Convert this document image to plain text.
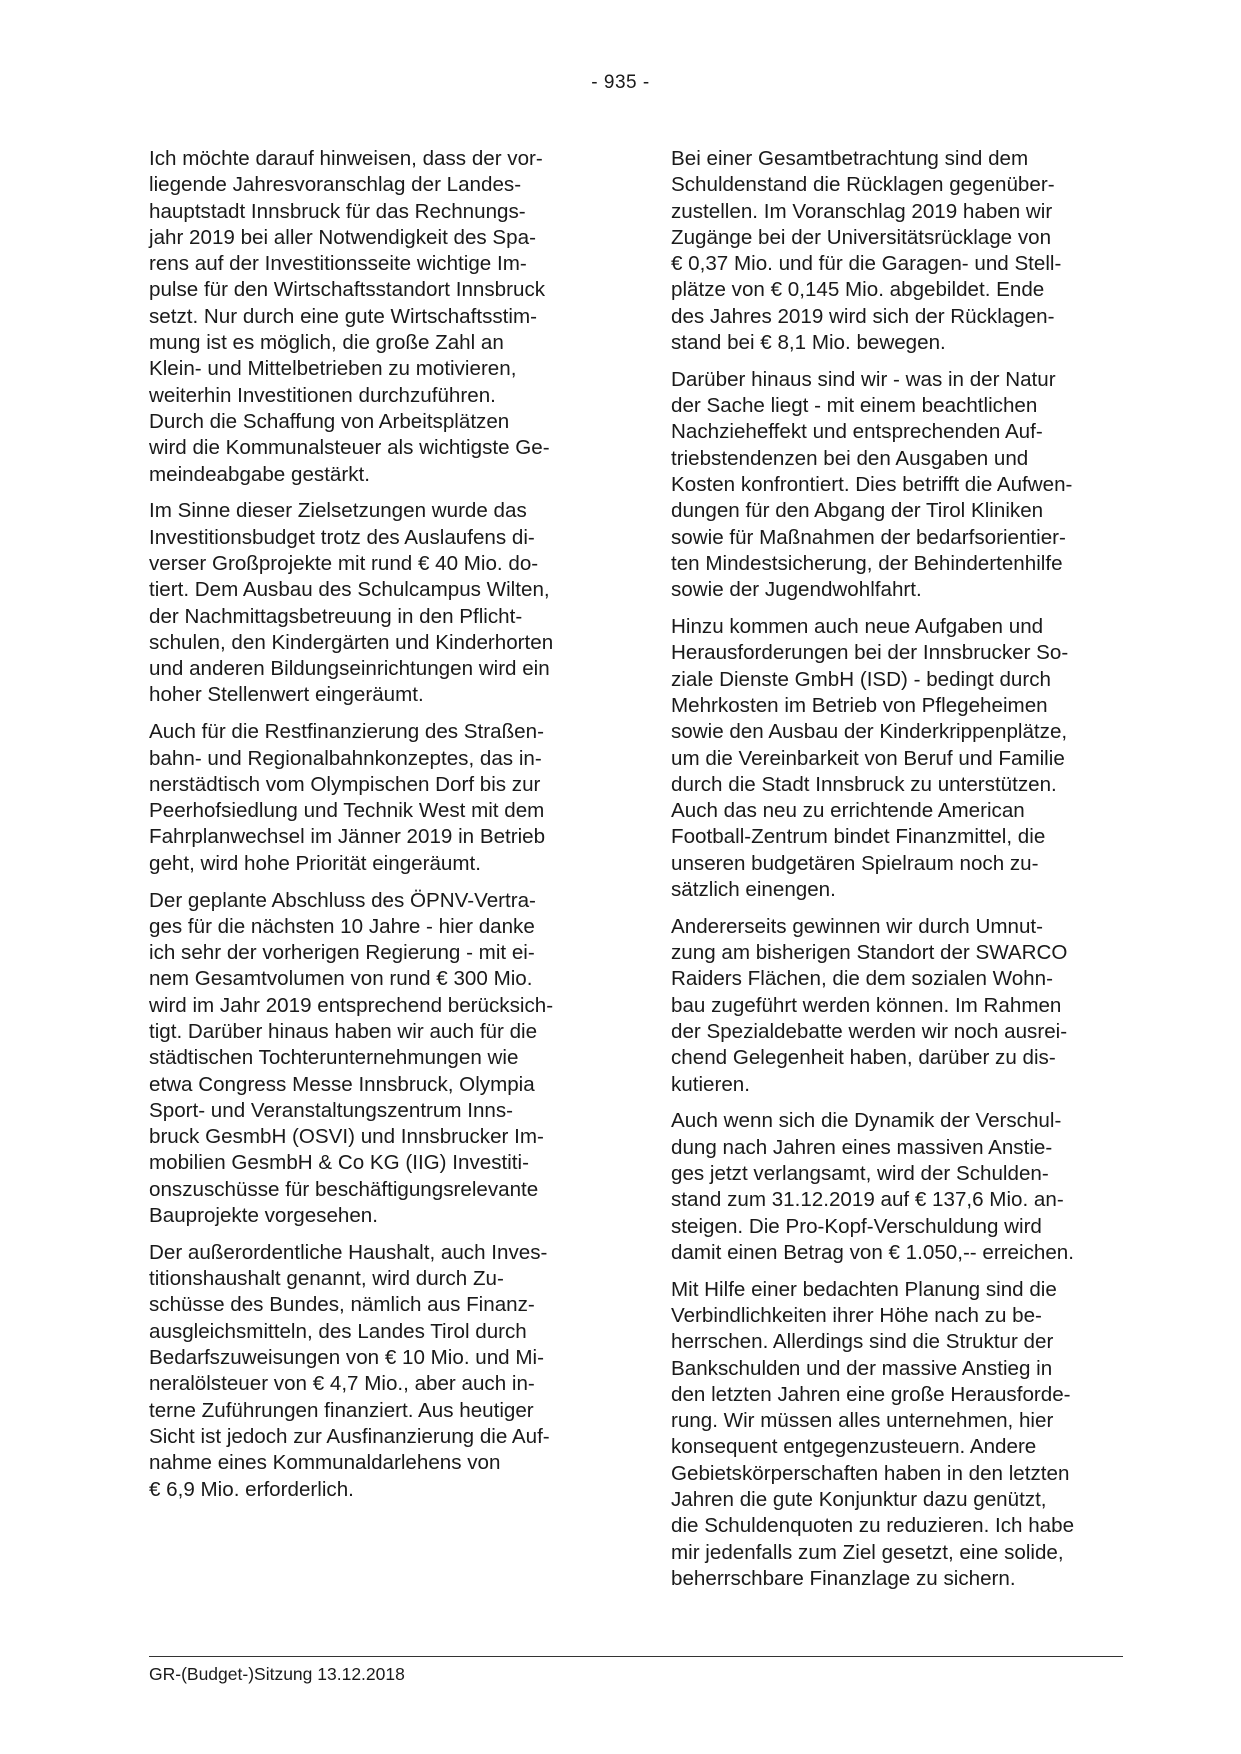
- 935 -

Ich möchte darauf hinweisen, dass der vor-
liegende Jahresvoranschlag der Landes-
hauptstadt Innsbruck für das Rechnungs-
jahr 2019 bei aller Notwendigkeit des Spa-
rens auf der Investitionsseite wichtige Im-
pulse für den Wirtschaftsstandort Innsbruck
setzt. Nur durch eine gute Wirtschaftsstim-
mung ist es möglich, die große Zahl an
Klein- und Mittelbetrieben zu motivieren,
weiterhin Investitionen durchzuführen.
Durch die Schaffung von Arbeitsplätzen
wird die Kommunalsteuer als wichtigste Ge-
meindeabgabe gestärkt.

Im Sinne dieser Zielsetzungen wurde das
Investitionsbudget trotz des Auslaufens di-
verser Großprojekte mit rund € 40 Mio. do-
tiert. Dem Ausbau des Schulcampus Wilten,
der Nachmittagsbetreuung in den Pflicht-
schulen, den Kindergärten und Kinderhorten
und anderen Bildungseinrichtungen wird ein
hoher Stellenwert eingeräumt.

Auch für die Restfinanzierung des Straßen-
bahn- und Regionalbahnkonzeptes, das in-
nerstädtisch vom Olympischen Dorf bis zur
Peerhofsiedlung und Technik West mit dem
Fahrplanwechsel im Jänner 2019 in Betrieb
geht, wird hohe Priorität eingeräumt.

Der geplante Abschluss des ÖPNV-Vertra-
ges für die nächsten 10 Jahre - hier danke
ich sehr der vorherigen Regierung - mit ei-
nem Gesamtvolumen von rund € 300 Mio.
wird im Jahr 2019 entsprechend berücksich-
tigt. Darüber hinaus haben wir auch für die
städtischen Tochterunternehmungen wie
etwa Congress Messe Innsbruck, Olympia
Sport- und Veranstaltungszentrum Inns-
bruck GesmbH (OSVI) und Innsbrucker Im-
mobilien GesmbH & Co KG (IIG) Investiti-
onszuschüsse für beschäftigungsrelevante
Bauprojekte vorgesehen.

Der außerordentliche Haushalt, auch Inves-
titionshaushalt genannt, wird durch Zu-
schüsse des Bundes, nämlich aus Finanz-
ausgleichsmitteln, des Landes Tirol durch
Bedarfszuweisungen von € 10 Mio. und Mi-
neralölsteuer von € 4,7 Mio., aber auch in-
terne Zuführungen finanziert. Aus heutiger
Sicht ist jedoch zur Ausfinanzierung die Auf-
nahme eines Kommunaldarlehens von
€ 6,9 Mio. erforderlich.

Bei einer Gesamtbetrachtung sind dem
Schuldenstand die Rücklagen gegenüber-
zustellen. Im Voranschlag 2019 haben wir
Zugänge bei der Universitätsrücklage von
€ 0,37 Mio. und für die Garagen- und Stell-
plätze von € 0,145 Mio. abgebildet. Ende
des Jahres 2019 wird sich der Rücklagen-
stand bei € 8,1 Mio. bewegen.

Darüber hinaus sind wir - was in der Natur
der Sache liegt - mit einem beachtlichen
Nachzieheffekt und entsprechenden Auf-
triebstendenzen bei den Ausgaben und
Kosten konfrontiert. Dies betrifft die Aufwen-
dungen für den Abgang der Tirol Kliniken
sowie für Maßnahmen der bedarfsorientier-
ten Mindestsicherung, der Behindertenhilfe
sowie der Jugendwohlfahrt.

Hinzu kommen auch neue Aufgaben und
Herausforderungen bei der Innsbrucker So-
ziale Dienste GmbH (ISD) - bedingt durch
Mehrkosten im Betrieb von Pflegeheimen
sowie den Ausbau der Kinderkrippenplätze,
um die Vereinbarkeit von Beruf und Familie
durch die Stadt Innsbruck zu unterstützen.
Auch das neu zu errichtende American
Football-Zentrum bindet Finanzmittel, die
unseren budgetären Spielraum noch zu-
sätzlich einengen.

Andererseits gewinnen wir durch Umnut-
zung am bisherigen Standort der SWARCO
Raiders Flächen, die dem sozialen Wohn-
bau zugeführt werden können. Im Rahmen
der Spezialdebatte werden wir noch ausrei-
chend Gelegenheit haben, darüber zu dis-
kutieren.

Auch wenn sich die Dynamik der Verschul-
dung nach Jahren eines massiven Anstie-
ges jetzt verlangsamt, wird der Schulden-
stand zum 31.12.2019 auf € 137,6 Mio. an-
steigen. Die Pro-Kopf-Verschuldung wird
damit einen Betrag von € 1.050,-- erreichen.

Mit Hilfe einer bedachten Planung sind die
Verbindlichkeiten ihrer Höhe nach zu be-
herrschen. Allerdings sind die Struktur der
Bankschulden und der massive Anstieg in
den letzten Jahren eine große Herausforde-
rung. Wir müssen alles unternehmen, hier
konsequent entgegenzusteuern. Andere
Gebietskörperschaften haben in den letzten
Jahren die gute Konjunktur dazu genützt,
die Schuldenquoten zu reduzieren. Ich habe
mir jedenfalls zum Ziel gesetzt, eine solide,
beherrschbare Finanzlage zu sichern.

GR-(Budget-)Sitzung 13.12.2018
